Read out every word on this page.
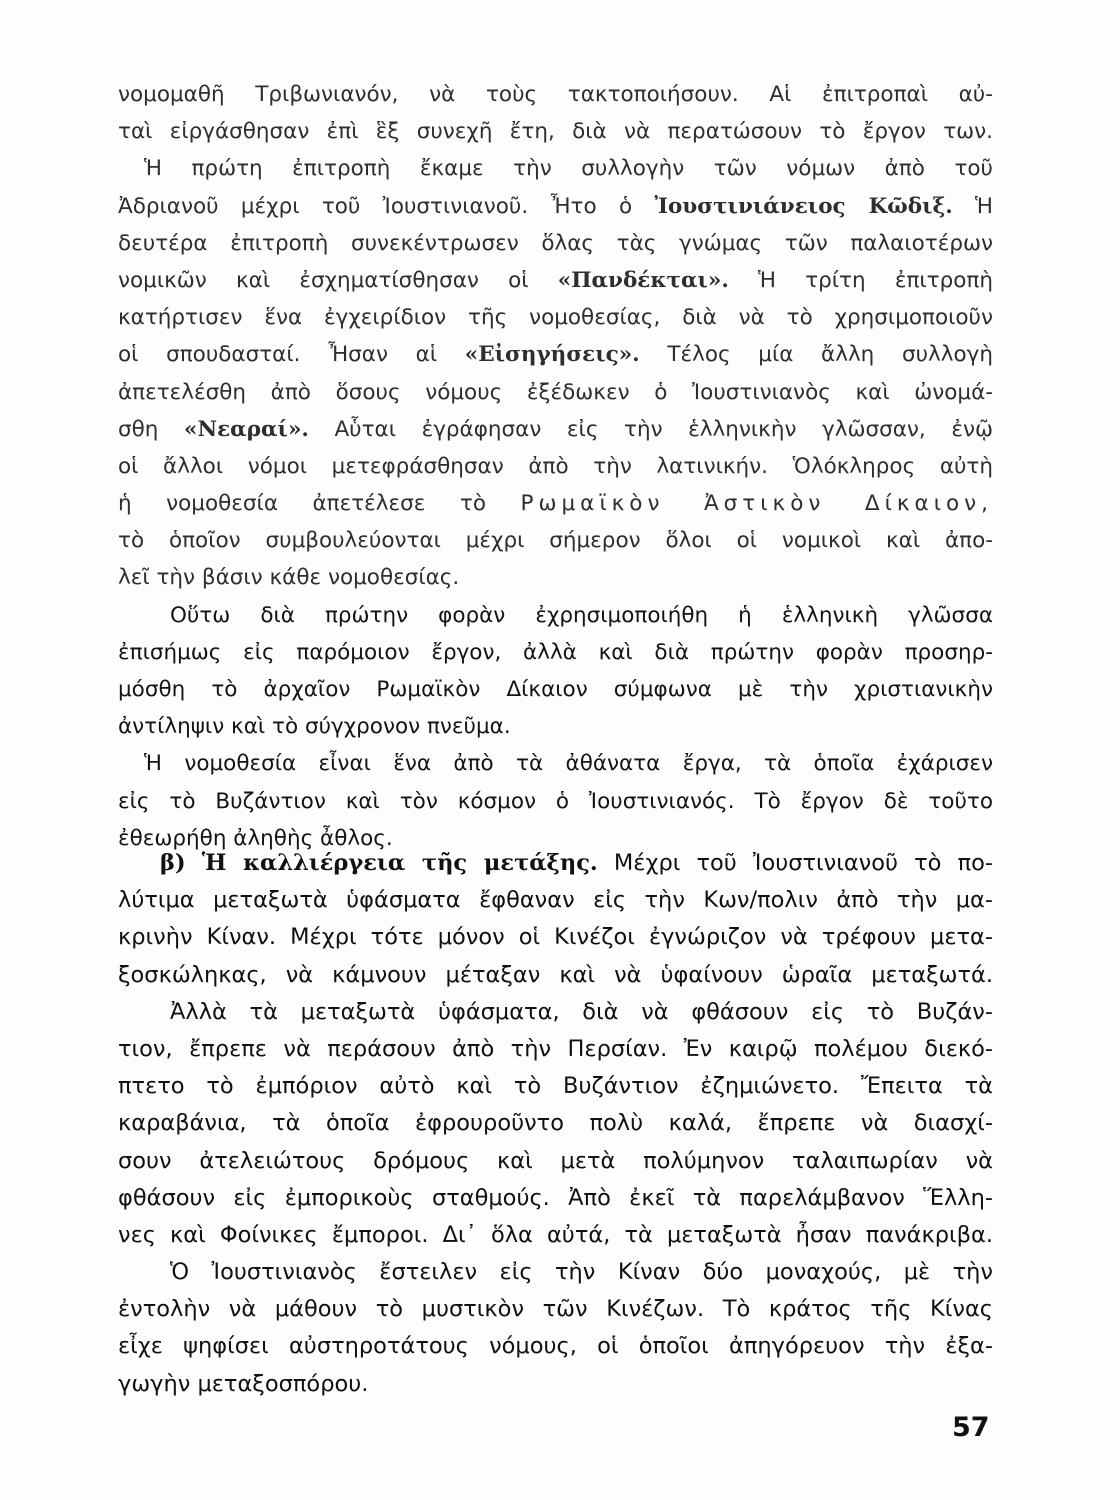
νομομαθῆ Τριβωνιανόν, νὰ τοὺς τακτοποιήσουν. Αἱ ἐπιτροπαὶ αὐ-
ταὶ εἰργάσθησαν ἐπὶ ἓξ συνεχῆ ἔτη, διὰ νὰ περατώσουν τὸ ἔργον των.
Ἡ πρώτη ἐπιτροπὴ ἔκαμε τὴν συλλογὴν τῶν νόμων ἀπὸ τοῦ
Ἀδριανοῦ μέχρι τοῦ Ἰουστινιανοῦ. Ἦτο ὁ Ἰουστινιάνειος Κῶδιξ. Ἡ
δευτέρα ἐπιτροπὴ συνεκέντρωσεν ὅλας τὰς γνώμας τῶν παλαιοτέρων
νομικῶν καὶ ἐσχηματίσθησαν οἱ «Πανδέκται». Ἡ τρίτη ἐπιτροπὴ
κατήρτισεν ἕνα ἐγχειρίδιον τῆς νομοθεσίας, διὰ νὰ τὸ χρησιμοποιοῦν
οἱ σπουδασταί. Ἦσαν αἱ «Εἰσηγήσεις». Τέλος μία ἄλλη συλλογὴ
ἀπετελέσθη ἀπὸ ὅσους νόμους ἐξέδωκεν ὁ Ἰουστινιανὸς καὶ ὠνομά-
σθη «Νεαραί». Αὗται ἐγράφησαν εἰς τὴν ἑλληνικὴν γλῶσσαν, ἐνῷ
οἱ ἄλλοι νόμοι μετεφράσθησαν ἀπὸ τὴν λατινικήν. Ὁλόκληρος αὐτὴ
ἡ νομοθεσία ἀπετέλεσε τὸ Ρωμαϊκὸν Ἀστικὸν Δίκαιον,
τὸ ὁποῖον συμβουλεύονται μέχρι σήμερον ὅλοι οἱ νομικοὶ καὶ ἀπο-
λεῖ τὴν βάσιν κάθε νομοθεσίας.
Οὕτω διὰ πρώτην φορὰν ἐχρησιμοποιήθη ἡ ἑλληνικὴ γλῶσσα
ἐπισήμως εἰς παρόμοιον ἔργον, ἀλλὰ καὶ διὰ πρώτην φορὰν προσηρ-
μόσθη τὸ ἀρχαῖον Ρωμαϊκὸν Δίκαιον σύμφωνα μὲ τὴν χριστιανικὴν
ἀντίληψιν καὶ τὸ σύγχρονον πνεῦμα.
Ἡ νομοθεσία εἶναι ἕνα ἀπὸ τὰ ἀθάνατα ἔργα, τὰ ὁποῖα ἐχάρισεν
εἰς τὸ Βυζάντιον καὶ τὸν κόσμον ὁ Ἰουστινιανός. Τὸ ἔργον δὲ τοῦτο
ἐθεωρήθη ἀληθὴς ἆθλος.
β) Ἡ καλλιέργεια τῆς μετάξης. Μέχρι τοῦ Ἰουστινιανοῦ τὸ πο-
λύτιμα μεταξωτὰ ὑφάσματα ἔφθαναν εἰς τὴν Κων/πολιν ἀπὸ τὴν μα-
κρινὴν Κίναν. Μέχρι τότε μόνον οἱ Κινέζοι ἐγνώριζον νὰ τρέφουν μετα-
ξοσκώληκας, νὰ κάμνουν μέταξαν καὶ νὰ ὑφαίνουν ὡραῖα μεταξωτά.
Ἀλλὰ τὰ μεταξωτὰ ὑφάσματα, διὰ νὰ φθάσουν εἰς τὸ Βυζάν-
τιον, ἔπρεπε νὰ περάσουν ἀπὸ τὴν Περσίαν. Ἐν καιρῷ πολέμου διεκό-
πτετο τὸ ἐμπόριον αὐτὸ καὶ τὸ Βυζάντιον ἐζημιώνετο. Ἔπειτα τὰ
καραβάνια, τὰ ὁποῖα ἐφρουροῦντο πολὺ καλά, ἔπρεπε νὰ διασχί-
σουν ἀτελειώτους δρόμους καὶ μετὰ πολύμηνον ταλαιπωρίαν νὰ
φθάσουν εἰς ἐμπορικοὺς σταθμούς. Ἀπὸ ἐκεῖ τὰ παρελάμβανον Ἕλλη-
νες καὶ Φοίνικες ἔμποροι. Δι᾽ ὅλα αὐτά, τὰ μεταξωτὰ ἦσαν πανάκριβα.
Ὁ Ἰουστινιανὸς ἔστειλεν εἰς τὴν Κίναν δύο μοναχούς, μὲ τὴν
ἐντολὴν νὰ μάθουν τὸ μυστικὸν τῶν Κινέζων. Τὸ κράτος τῆς Κίνας
εἶχε ψηφίσει αὐστηροτάτους νόμους, οἱ ὁποῖοι ἀπηγόρευον τὴν ἐξα-
γωγὴν μεταξοσπόρου.
57
